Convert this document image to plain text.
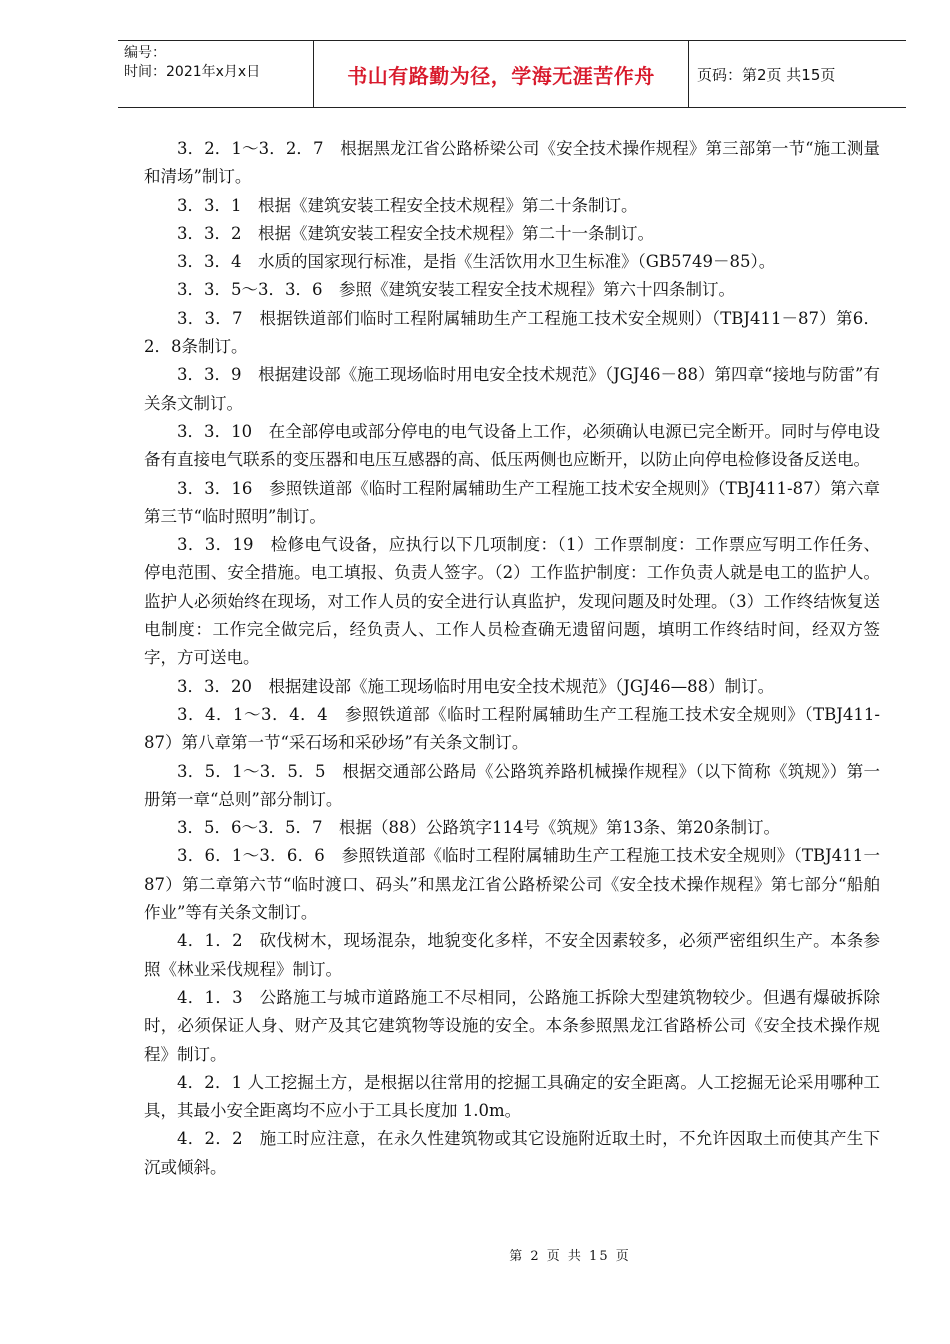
编号：
时间：2021年x月x日	书山有路勤为径，学海无涯苦作舟	页码：第2页 共15页

3．2．1～3．2．7　根据黑龙江省公路桥梁公司《安全技术操作规程》第三部第一节“施工测量和清场”制订。

3．3．1　根据《建筑安装工程安全技术规程》第二十条制订。

3．3．2　根据《建筑安装工程安全技术规程》第二十一条制订。

3．3．4　水质的国家现行标准，是指《生活饮用水卫生标准》（GB5749－85）。

3．3．5～3．3．6　参照《建筑安装工程安全技术规程》第六十四条制订。

3．3．7　根据铁道部们临时工程附属辅助生产工程施工技术安全规则）（TBJ411－87）第6．2．8条制订。

3．3．9　根据建设部《施工现场临时用电安全技术规范》（JGJ46－88）第四章“接地与防雷”有关条文制订。

3．3．10　在全部停电或部分停电的电气设备上工作，必须确认电源已完全断开。同时与停电设备有直接电气联系的变压器和电压互感器的高、低压两侧也应断开，以防止向停电检修设备反送电。

3．3．16　参照铁道部《临时工程附属辅助生产工程施工技术安全规则》（TBJ411-87）第六章第三节“临时照明”制订。

3．3．19　检修电气设备，应执行以下几项制度：（1）工作票制度：工作票应写明工作任务、停电范围、安全措施。电工填报、负责人签字。（2）工作监护制度：工作负责人就是电工的监护人。监护人必须始终在现场，对工作人员的安全进行认真监护，发现问题及时处理。（3）工作终结恢复送电制度：工作完全做完后，经负责人、工作人员检查确无遗留问题，填明工作终结时间，经双方签字，方可送电。

3．3．20　根据建设部《施工现场临时用电安全技术规范》（JGJ46—88）制订。

3．4．1～3．4．4　参照铁道部《临时工程附属辅助生产工程施工技术安全规则》（TBJ411-87）第八章第一节“采石场和采砂场”有关条文制订。

3．5．1～3．5．5　根据交通部公路局《公路筑养路机械操作规程》（以下简称《筑规》）第一册第一章“总则”部分制订。

3．5．6～3．5．7　根据（88）公路筑字114号《筑规》第13条、第20条制订。

3．6．1～3．6．6　参照铁道部《临时工程附属辅助生产工程施工技术安全规则》（TBJ411一87）第二章第六节“临时渡口、码头”和黑龙江省公路桥梁公司《安全技术操作规程》第七部分“船舶作业”等有关条文制订。

4．1．2　砍伐树木，现场混杂，地貌变化多样，不安全因素较多，必须严密组织生产。本条参照《林业采伐规程》制订。

4．1．3　公路施工与城市道路施工不尽相同，公路施工拆除大型建筑物较少。但遇有爆破拆除时，必须保证人身、财产及其它建筑物等设施的安全。本条参照黑龙江省路桥公司《安全技术操作规程》制订。

4．2．1 人工挖掘土方，是根据以往常用的挖掘工具确定的安全距离。人工挖掘无论采用哪种工具，其最小安全距离均不应小于工具长度加 1.0m。

4．2．2　施工时应注意，在永久性建筑物或其它设施附近取土时，不允许因取土而使其产生下沉或倾斜。

第 2 页 共 15 页
